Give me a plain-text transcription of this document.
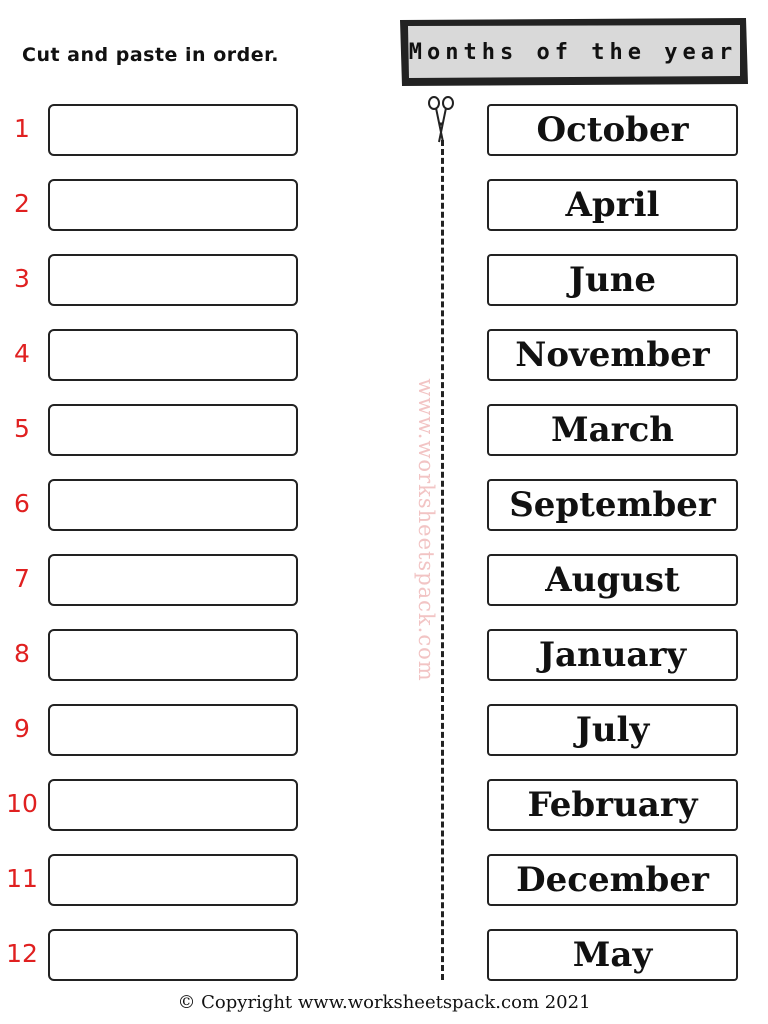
Cut and paste in order.	Months of the year
1
2
3
4
5
6
7
8
9
10
11
12
www.worksheetspack.com
October
April
June
November
March
September
August
January
July
February
December
May
© Copyright www.worksheetspack.com 2021
